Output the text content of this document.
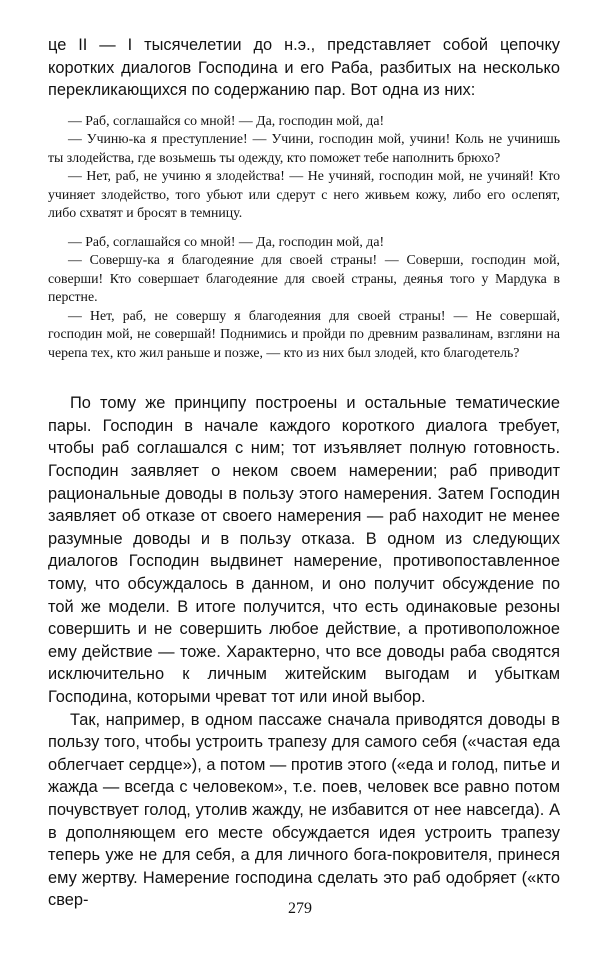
це II — I тысячелетии до н.э., представляет собой цепочку коротких диалогов Господина и его Раба, разбитых на несколько перекликающихся по содержанию пар. Вот одна из них:

— Раб, соглашайся со мной! — Да, господин мой, да!

— Учиню-ка я преступление! — Учини, господин мой, учини! Коль не учинишь ты злодейства, где возьмешь ты одежду, кто поможет тебе наполнить брюхо?

— Нет, раб, не учиню я злодейства! — Не учиняй, господин мой, не учиняй! Кто учиняет злодейство, того убьют или сдерут с него живьем кожу, либо его ослепят, либо схватят и бросят в темницу.

— Раб, соглашайся со мной! — Да, господин мой, да!

— Совершу-ка я благодеяние для своей страны! — Соверши, господин мой, соверши! Кто совершает благодеяние для своей страны, деянья того у Мардука в перстне.

— Нет, раб, не совершу я благодеяния для своей страны! — Не совершай, господин мой, не совершай! Поднимись и пройди по древним развалинам, взгляни на черепа тех, кто жил раньше и позже, — кто из них был злодей, кто благодетель?

По тому же принципу построены и остальные тематические пары. Господин в начале каждого короткого диалога требует, чтобы раб соглашался с ним; тот изъявляет полную готовность. Господин заявляет о неком своем намерении; раб приводит рациональные доводы в пользу этого намерения. Затем Господин заявляет об отказе от своего намерения — раб находит не менее разумные доводы и в пользу отказа. В одном из следующих диалогов Господин выдвинет намерение, противопоставленное тому, что обсуждалось в данном, и оно получит обсуждение по той же модели. В итоге получится, что есть одинаковые резоны совершить и не совершить любое действие, а противоположное ему действие — тоже. Характерно, что все доводы раба сводятся исключительно к личным житейским выгодам и убыткам Господина, которыми чреват тот или иной выбор.

Так, например, в одном пассаже сначала приводятся доводы в пользу того, чтобы устроить трапезу для самого себя («частая еда облегчает сердце»), а потом — против этого («еда и голод, питье и жажда — всегда с человеком», т.е. поев, человек все равно потом почувствует голод, утолив жажду, не избавится от нее навсегда). А в дополняющем его месте обсуждается идея устроить трапезу теперь уже не для себя, а для личного бога-покровителя, принеся ему жертву. Намерение господина сделать это раб одобряет («кто свер-	279
